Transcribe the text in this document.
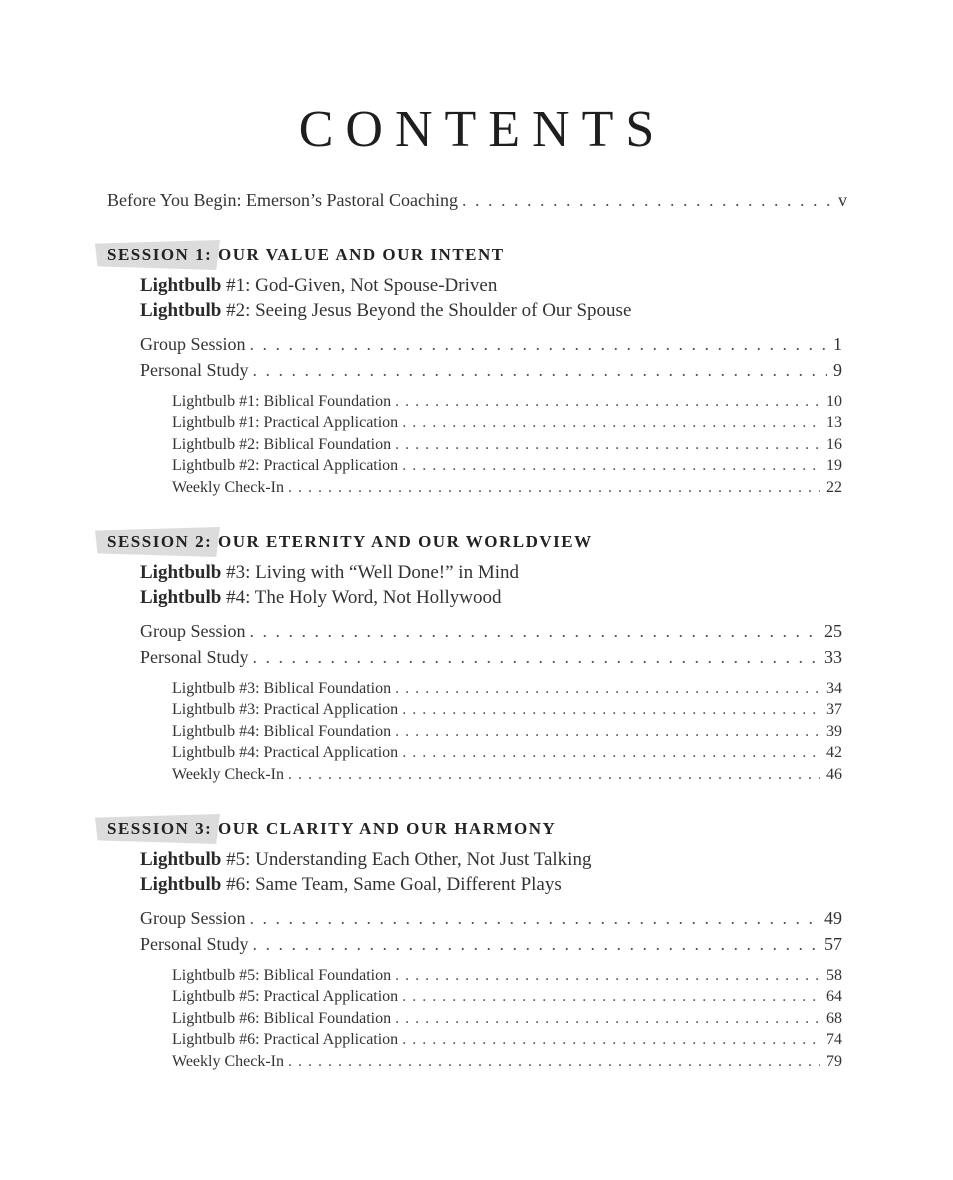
CONTENTS
Before You Begin: Emerson’s Pastoral Coaching . . .	v
SESSION 1: OUR VALUE AND OUR INTENT
Lightbulb #1: God-Given, Not Spouse-Driven
Lightbulb #2: Seeing Jesus Beyond the Shoulder of Our Spouse
Group Session . . .	1
Personal Study . . .	9
Lightbulb #1: Biblical Foundation . . .	10
Lightbulb #1: Practical Application . . .	13
Lightbulb #2: Biblical Foundation . . .	16
Lightbulb #2: Practical Application . . .	19
Weekly Check-In . . .	22
SESSION 2: OUR ETERNITY AND OUR WORLDVIEW
Lightbulb #3: Living with “Well Done!” in Mind
Lightbulb #4: The Holy Word, Not Hollywood
Group Session . . .	25
Personal Study . . .	33
Lightbulb #3: Biblical Foundation . . .	34
Lightbulb #3: Practical Application . . .	37
Lightbulb #4: Biblical Foundation . . .	39
Lightbulb #4: Practical Application . . .	42
Weekly Check-In . . .	46
SESSION 3: OUR CLARITY AND OUR HARMONY
Lightbulb #5: Understanding Each Other, Not Just Talking
Lightbulb #6: Same Team, Same Goal, Different Plays
Group Session . . .	49
Personal Study . . .	57
Lightbulb #5: Biblical Foundation . . .	58
Lightbulb #5: Practical Application . . .	64
Lightbulb #6: Biblical Foundation . . .	68
Lightbulb #6: Practical Application . . .	74
Weekly Check-In . . .	79
